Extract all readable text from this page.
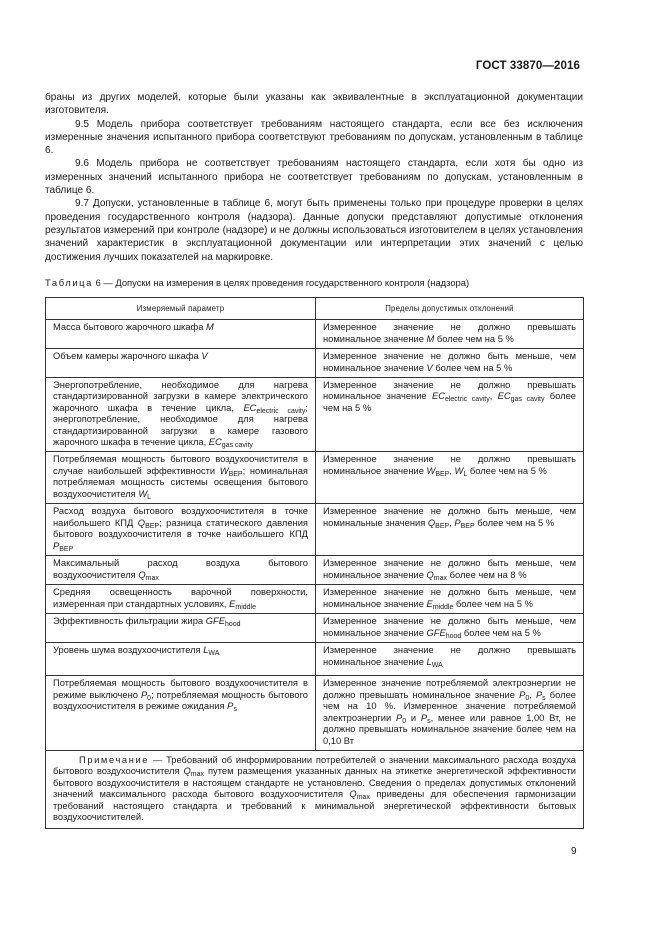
ГОСТ 33870—2016

браны из других моделей, которые были указаны как эквивалентные в эксплуатационной документации изготовителя.

9.5 Модель прибора соответствует требованиям настоящего стандарта, если все без исключения измеренные значения испытанного прибора соответствуют требованиям по допускам, установленным в таблице 6.

9.6 Модель прибора не соответствует требованиям настоящего стандарта, если хотя бы одно из измеренных значений испытанного прибора не соответствует требованиям по допускам, установленным в таблице 6.

9.7 Допуски, установленные в таблице 6, могут быть применены только при процедуре проверки в целях проведения государственного контроля (надзора). Данные допуски представляют допустимые отклонения результатов измерений при контроле (надзоре) и не должны использоваться изготовителем в целях установления значений характеристик в эксплуатационной документации или интерпретации этих значений с целью достижения лучших показателей на маркировке.

Таблица 6 — Допуски на измерения в целях проведения государственного контроля (надзора)
Измеряемый параметр	Пределы допустимых отклонений
Масса бытового жарочного шкафа M	Измеренное значение не должно превышать номинальное значение M более чем на 5 %
Объем камеры жарочного шкафа V	Измеренное значение не должно быть меньше, чем номинальное значение V более чем на 5 %
Энергопотребление, необходимое для нагрева стандартизированной загрузки в камере электрического жарочного шкафа в течение цикла, $EC_{electric cavity}$; энергопотребление, необходимое для нагрева стандартизированной загрузки в камере газового жарочного шкафа в течение цикла, $EC_{gas cavity}$	Измеренное значение не должно превышать номинальное значение $EC_{electric cavity}$, $EC_{gas cavity}$ более чем на 5 %
Потребляемая мощность бытового воздухоочистителя в случае наибольшей эффективности $W_{BEP}$; номинальная потребляемая мощность системы освещения бытового воздухоочистителя $W_L$	Измеренное значение не должно превышать номинальное значение $W_{BEP}$, $W_L$ более чем на 5 %
Расход воздуха бытового воздухоочистителя в точке наибольшего КПД $Q_{BEP}$; разница статического давления бытового воздухоочистителя в точке наибольшего КПД $P_{BEP}$	Измеренное значение не должно быть меньше, чем номинальные значения $Q_{BEP}$, $P_{BEP}$ более чем на 5 %
Максимальный расход воздуха бытового воздухоочистителя $Q_{max}$	Измеренное значение не должно быть меньше, чем номинальное значение $Q_{max}$ более чем на 8 %
Средняя освещенность варочной поверхности, измеренная при стандартных условиях, $E_{middle}$	Измеренное значение не должно быть меньше, чем номинальное значение $E_{middle}$ более чем на 5 %
Эффективность фильтрации жира $GFE_{hood}$	Измеренное значение не должно быть меньше, чем номинальное значение $GFE_{hood}$ более чем на 5 %
Уровень шума воздухоочистителя $L_{WA}$	Измеренное значение не должно превышать номинальное значение $L_{WA}$
Потребляемая мощность бытового воздухоочистителя в режиме выключено $P_0$; потребляемая мощность бытового воздухоочистителя в режиме ожидания $P_s$	Измеренное значение потребляемой электроэнергии не должно превышать номинальное значение $P_0$, $P_s$ более чем на 10 %. Измеренное значение потребляемой электроэнергии $P_0$ и $P_s$, менее или равное 1,00 Вт, не должно превышать номинальное значение более чем на 0,10 Вт

Примечание — Требований об информировании потребителей о значении максимального расхода воздуха бытового воздухоочистителя $Q_{max}$ путем размещения указанных данных на этикетке энергетической эффективности бытового воздухоочистителя в настоящем стандарте не установлено. Сведения о пределах допустимых отклонений значений максимального расхода бытового воздухоочистителя $Q_{max}$ приведены для обеспечения гармонизации требований настоящего стандарта и требований к минимальной энергетической эффективности бытовых воздухоочистителей.	
9
